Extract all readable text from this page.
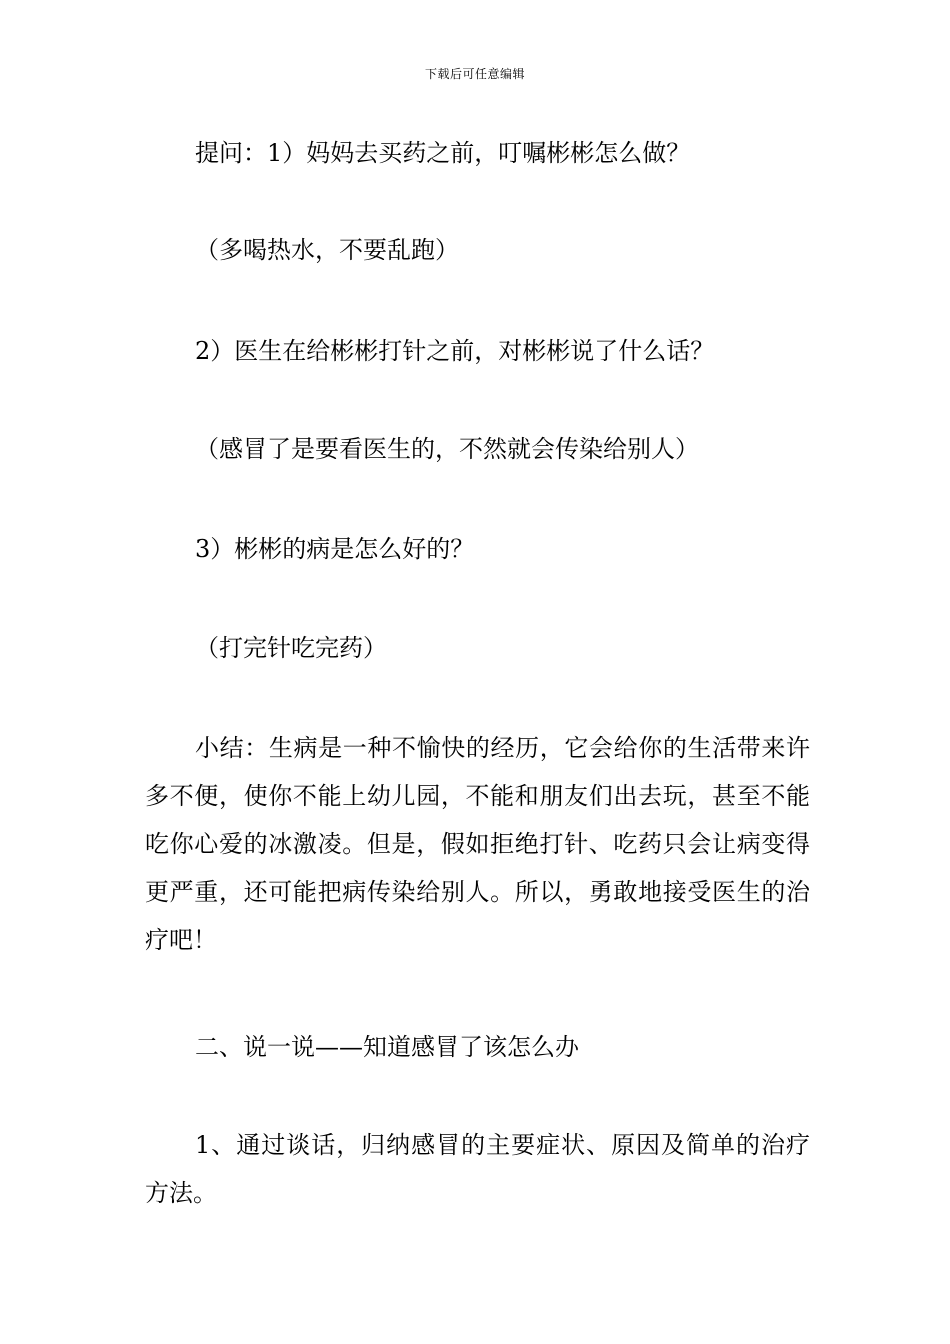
下载后可任意编辑

提问：1）妈妈去买药之前，叮嘱彬彬怎么做？

（多喝热水，不要乱跑）

2）医生在给彬彬打针之前，对彬彬说了什么话？

（感冒了是要看医生的，不然就会传染给别人）

3）彬彬的病是怎么好的？

（打完针吃完药）

小结：生病是一种不愉快的经历，它会给你的生活带来许多不便，使你不能上幼儿园，不能和朋友们出去玩，甚至不能吃你心爱的冰激凌。但是，假如拒绝打针、吃药只会让病变得更严重，还可能把病传染给别人。所以，勇敢地接受医生的治疗吧！

二、说一说——知道感冒了该怎么办

1、通过谈话，归纳感冒的主要症状、原因及简单的治疗方法。
